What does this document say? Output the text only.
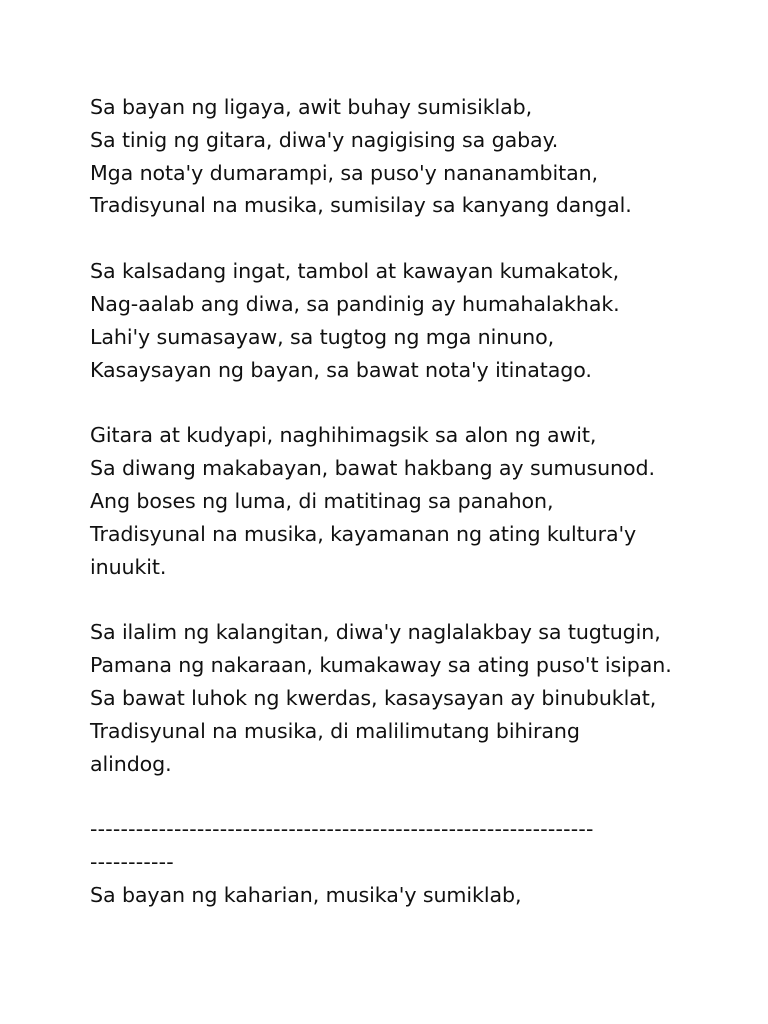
Sa bayan ng ligaya, awit buhay sumisiklab,
Sa tinig ng gitara, diwa'y nagigising sa gabay.
Mga nota'y dumarampi, sa puso'y nananambitan,
Tradisyunal na musika, sumisilay sa kanyang dangal.
Sa kalsadang ingat, tambol at kawayan kumakatok,
Nag-aalab ang diwa, sa pandinig ay humahalakhak.
Lahi'y sumasayaw, sa tugtog ng mga ninuno,
Kasaysayan ng bayan, sa bawat nota'y itinatago.
Gitara at kudyapi, naghihimagsik sa alon ng awit,
Sa diwang makabayan, bawat hakbang ay sumusunod.
Ang boses ng luma, di matitinag sa panahon,
Tradisyunal na musika, kayamanan ng ating kultura'y
inuukit.
Sa ilalim ng kalangitan, diwa'y naglalakbay sa tugtugin,
Pamana ng nakaraan, kumakaway sa ating puso't isipan.
Sa bawat luhok ng kwerdas, kasaysayan ay binubuklat,
Tradisyunal na musika, di malilimutang bihirang
alindog.
------------------------------------------------------------------
-----------
Sa bayan ng kaharian, musika'y sumiklab,
